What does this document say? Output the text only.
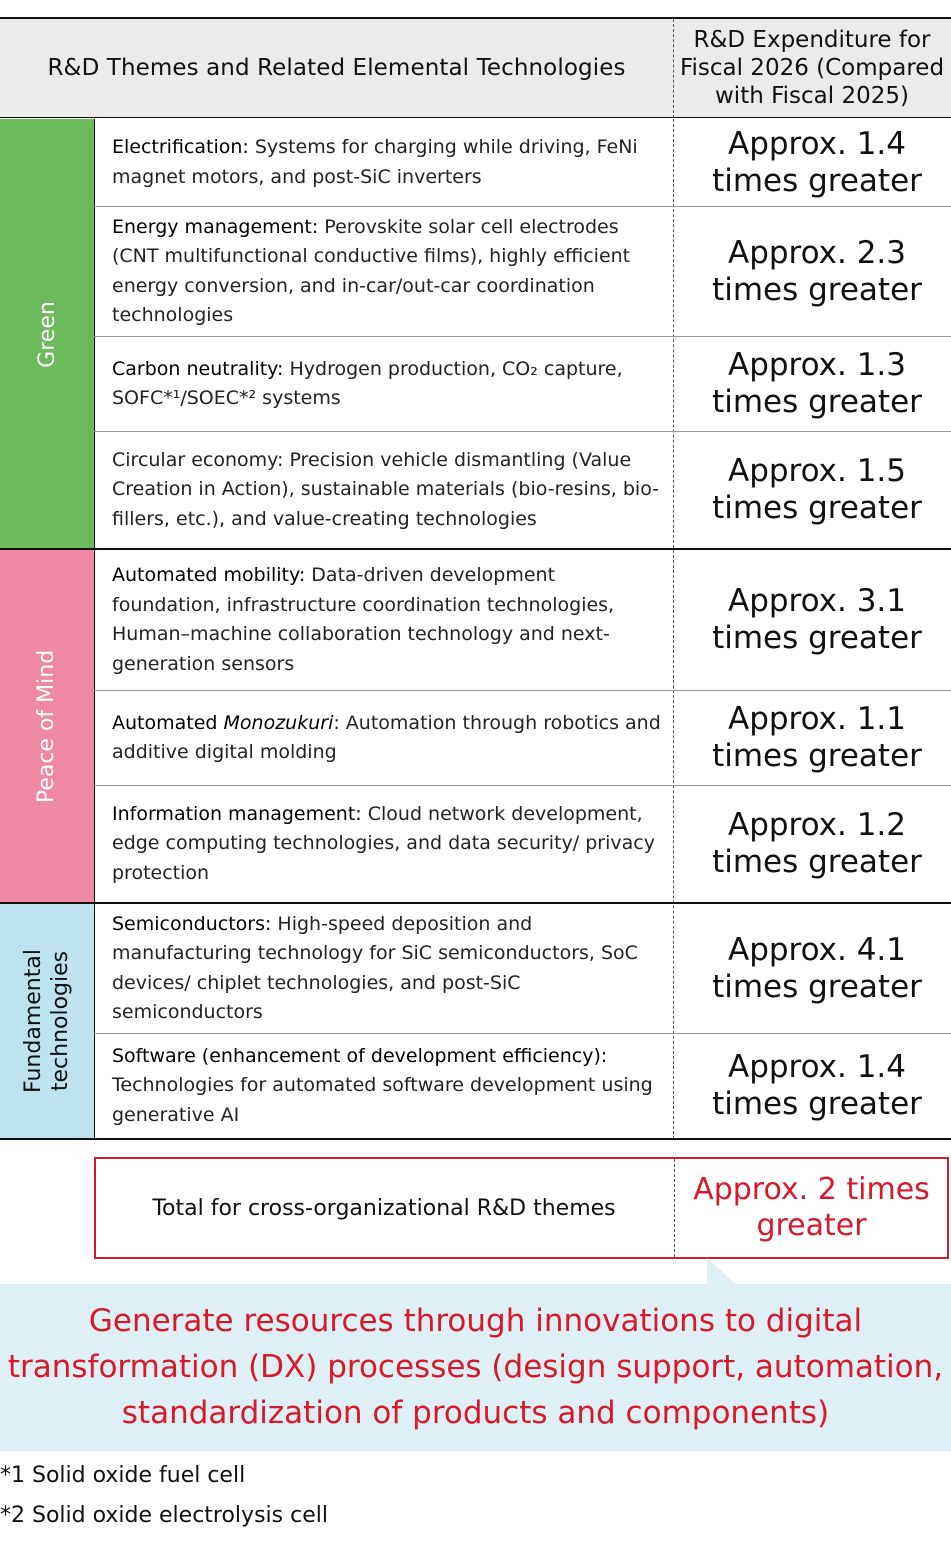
R&D Themes and Related Elemental Technologies
R&D Expenditure for Fiscal 2026 (Compared with Fiscal 2025)
Green
Peace of Mind
Fundamental technologies
Electrification: Systems for charging while driving, FeNi magnet motors, and post-SiC inverters
Approx. 1.4 times greater
Energy management: Perovskite solar cell electrodes (CNT multifunctional conductive films), highly efficient energy conversion, and in-car/out-car coordination technologies
Approx. 2.3 times greater
Carbon neutrality: Hydrogen production, CO₂ capture, SOFC*¹/SOEC*² systems
Approx. 1.3 times greater
Circular economy: Precision vehicle dismantling (Value Creation in Action), sustainable materials (bio-resins, bio-fillers, etc.), and value-creating technologies
Approx. 1.5 times greater
Automated mobility: Data-driven development foundation, infrastructure coordination technologies, Human–machine collaboration technology and next-generation sensors
Approx. 3.1 times greater
Automated Monozukuri: Automation through robotics and additive digital molding
Approx. 1.1 times greater
Information management: Cloud network development, edge computing technologies, and data security/ privacy protection
Approx. 1.2 times greater
Semiconductors: High-speed deposition and manufacturing technology for SiC semiconductors, SoC devices/ chiplet technologies, and post-SiC semiconductors
Approx. 4.1 times greater
Software (enhancement of development efficiency): Technologies for automated software development using generative AI
Approx. 1.4 times greater
Total for cross-organizational R&D themes
Approx. 2 times greater
Generate resources through innovations to digital transformation (DX) processes (design support, automation, standardization of products and components)
*1 Solid oxide fuel cell
*2 Solid oxide electrolysis cell
